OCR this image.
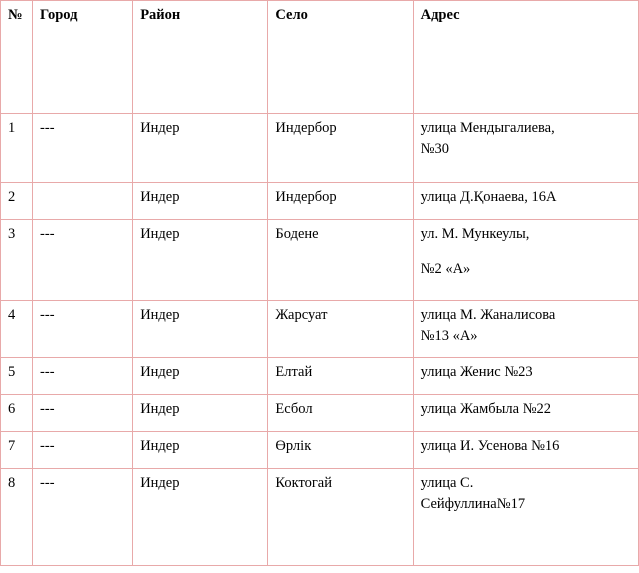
№	Город	Район	Село	Адрес
1	---	Индер	Индербор	улица Мендыгалиева,
№30

2		Индер	Индербор	улица Д.Қонаева, 16А

3	---	Индер	Бодене	ул. М. Мункеулы,
№2 «А»

4	---	Индер	Жарсуат	улица М. Жаналисова
№13 «А»

5	---	Индер	Елтай	улица Женис №23

6	---	Индер	Есбол	улица Жамбыла №22

7	---	Индер	Өрлік	улица И. Усенова №16

8	---	Индер	Коктогай	улица С.
Сейфуллина№17
